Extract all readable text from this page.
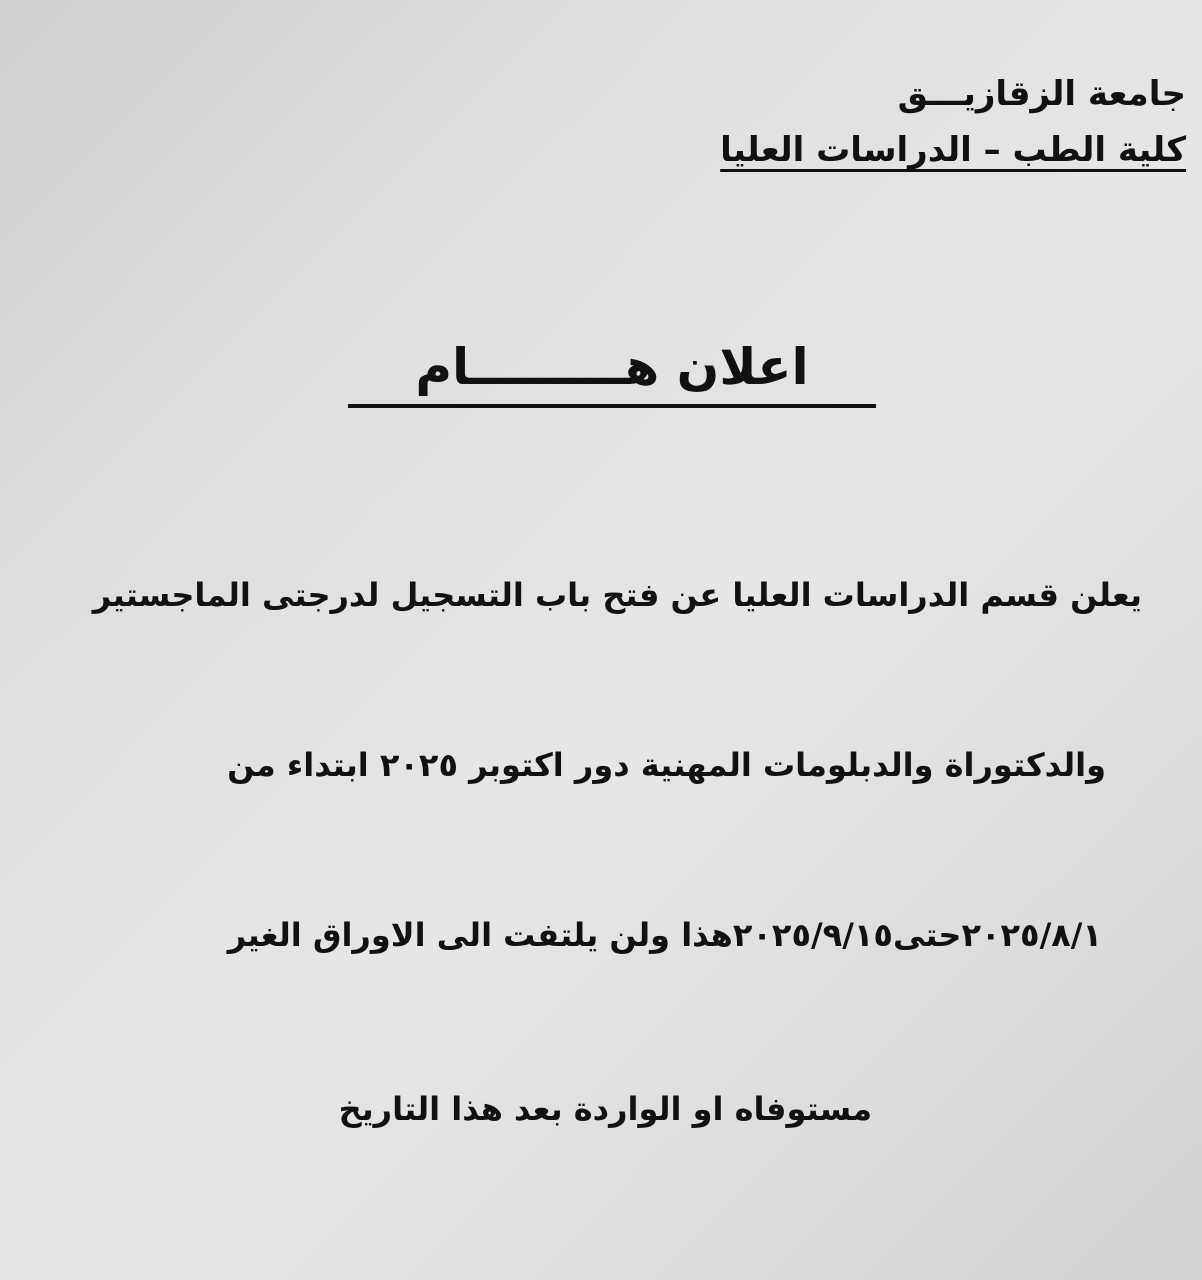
جامعة الزقازيـــق
كلية الطب – الدراسات العليا
اعلان هـــــــــام
يعلن قسم الدراسات العليا عن فتح باب التسجيل لدرجتى الماجستير
والدكتوراة والدبلومات المهنية دور اكتوبر ٢٠٢٥ ابتداء من
٢٠٢٥/٨/١حتى٢٠٢٥/٩/١٥هذا ولن يلتفت الى الاوراق الغير
مستوفاه او الواردة بعد هذا التاريخ
